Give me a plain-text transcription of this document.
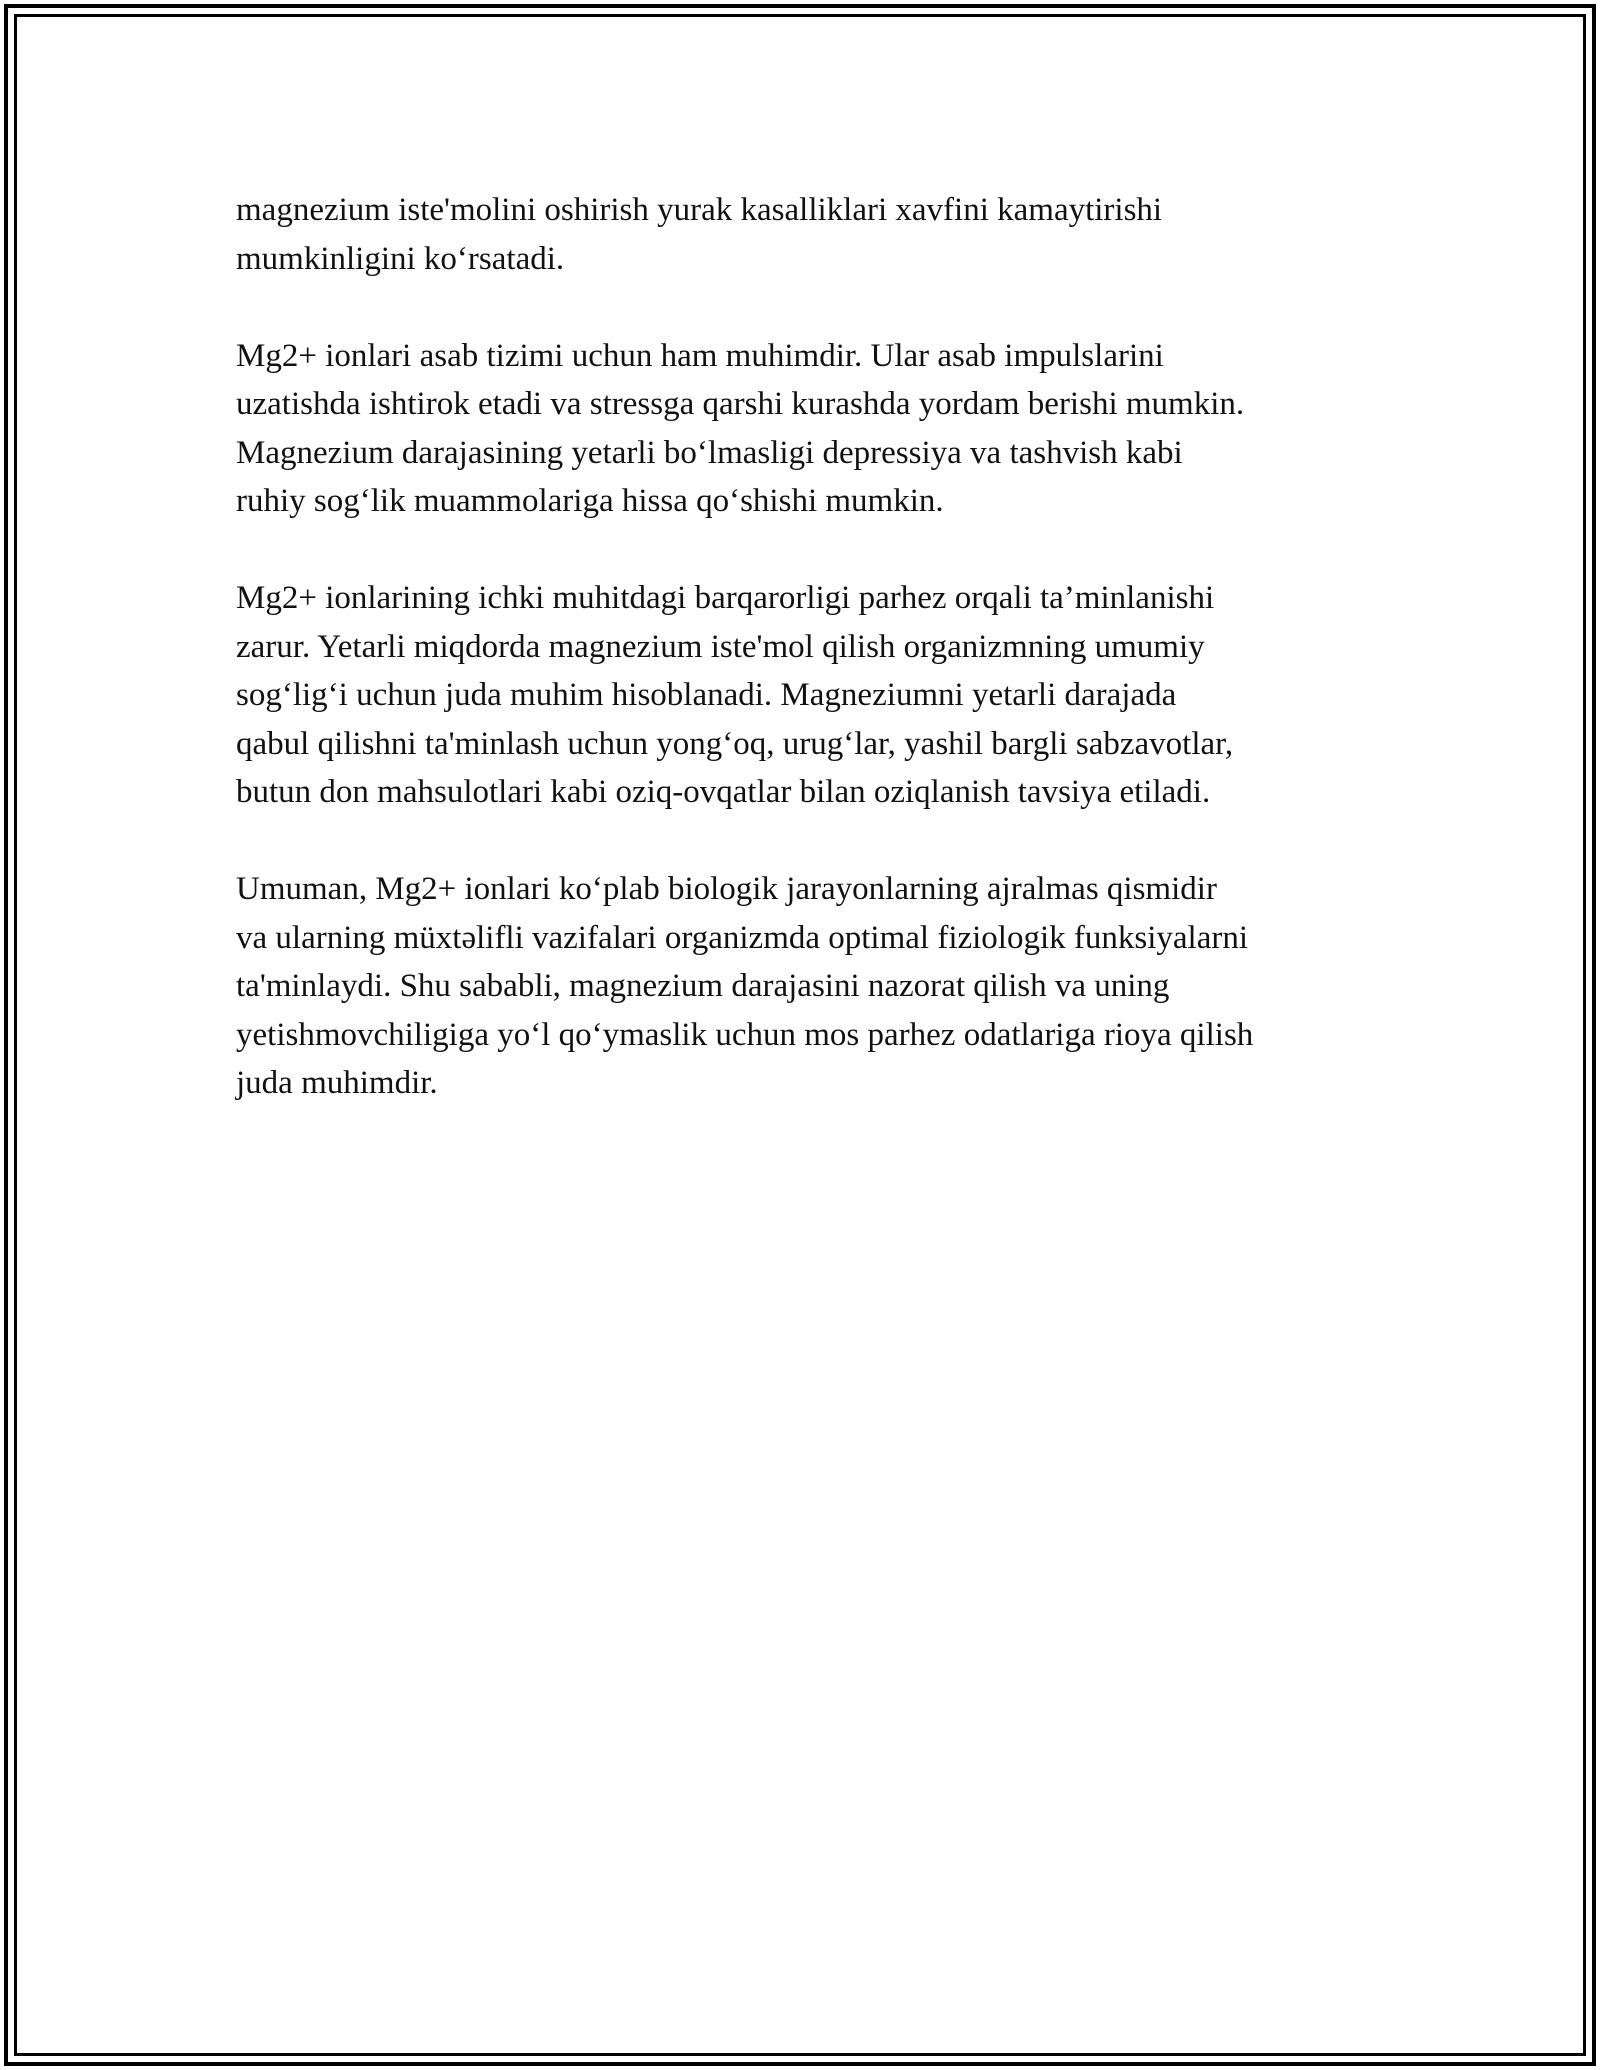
magnezium iste'molini oshirish yurak kasalliklari xavfini kamaytirishi
mumkinligini ko‘rsatadi.

Mg2+ ionlari asab tizimi uchun ham muhimdir. Ular asab impulslarini
uzatishda ishtirok etadi va stressga qarshi kurashda yordam berishi mumkin.
Magnezium darajasining yetarli bo‘lmasligi depressiya va tashvish kabi
ruhiy sog‘lik muammolariga hissa qo‘shishi mumkin.

Mg2+ ionlarining ichki muhitdagi barqarorligi parhez orqali ta’minlanishi
zarur. Yetarli miqdorda magnezium iste'mol qilish organizmning umumiy
sog‘lig‘i uchun juda muhim hisoblanadi. Magneziumni yetarli darajada
qabul qilishni ta'minlash uchun yong‘oq, urug‘lar, yashil bargli sabzavotlar,
butun don mahsulotlari kabi oziq-ovqatlar bilan oziqlanish tavsiya etiladi.

Umuman, Mg2+ ionlari ko‘plab biologik jarayonlarning ajralmas qismidir
va ularning müxtəlifli vazifalari organizmda optimal fiziologik funksiyalarni
ta'minlaydi. Shu sababli, magnezium darajasini nazorat qilish va uning
yetishmovchiligiga yo‘l qo‘ymaslik uchun mos parhez odatlariga rioya qilish
juda muhimdir.
